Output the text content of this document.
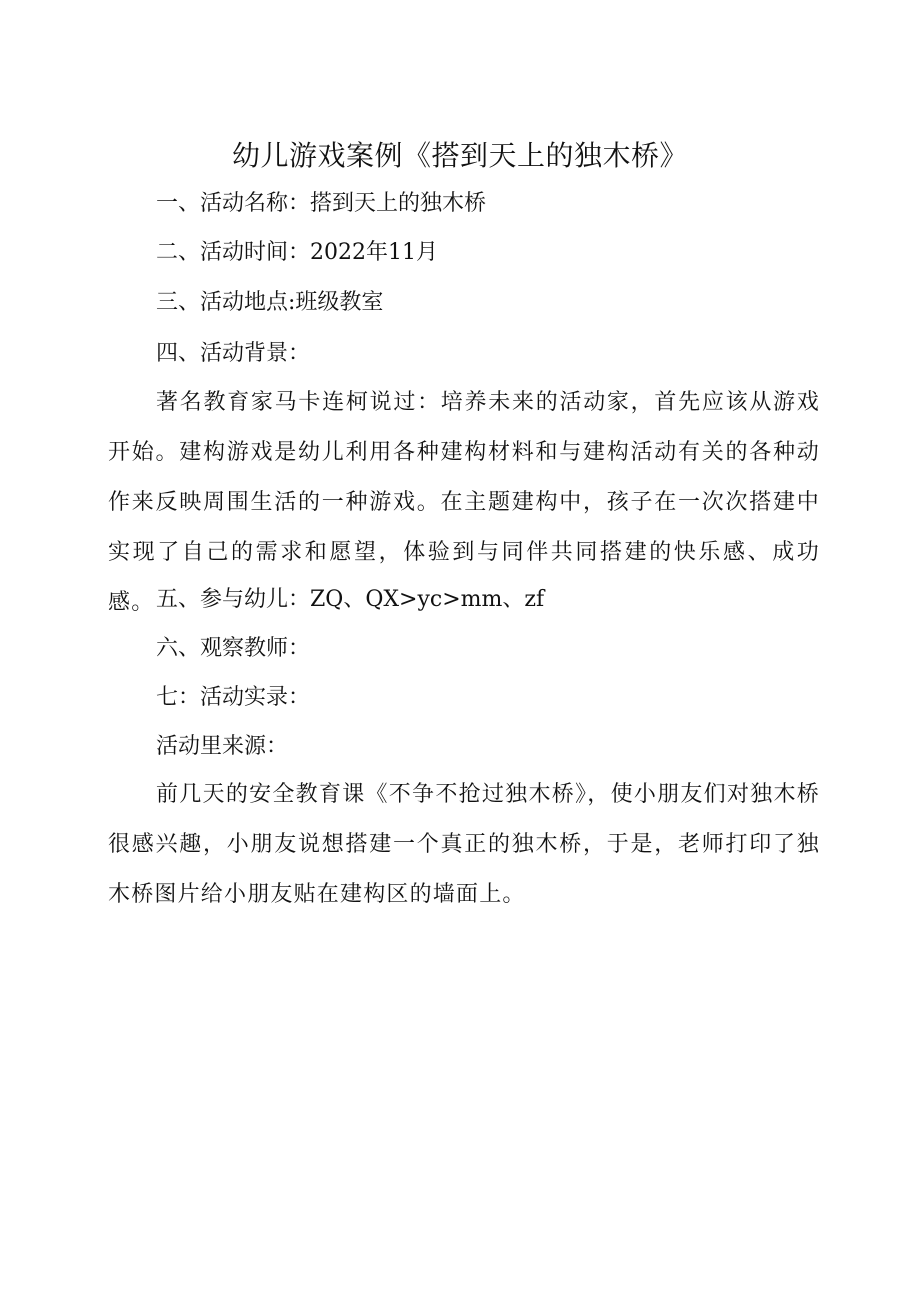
幼儿游戏案例《搭到天上的独木桥》
一、活动名称：搭到天上的独木桥
二、活动时间：2022年11月
三、活动地点:班级教室
四、活动背景：
著名教育家马卡连柯说过：培养未来的活动家，首先应该从游戏开始。建构游戏是幼儿利用各种建构材料和与建构活动有关的各种动作来反映周围生活的一种游戏。在主题建构中，孩子在一次次搭建中实现了自己的需求和愿望，体验到与同伴共同搭建的快乐感、成功感。 五、参与幼儿：ZQ、QX>yc>mm、zf
六、观察教师：
七：活动实录：
活动里来源：
前几天的安全教育课《不争不抢过独木桥》，使小朋友们对独木桥很感兴趣，小朋友说想搭建一个真正的独木桥，于是，老师打印了独木桥图片给小朋友贴在建构区的墙面上。
